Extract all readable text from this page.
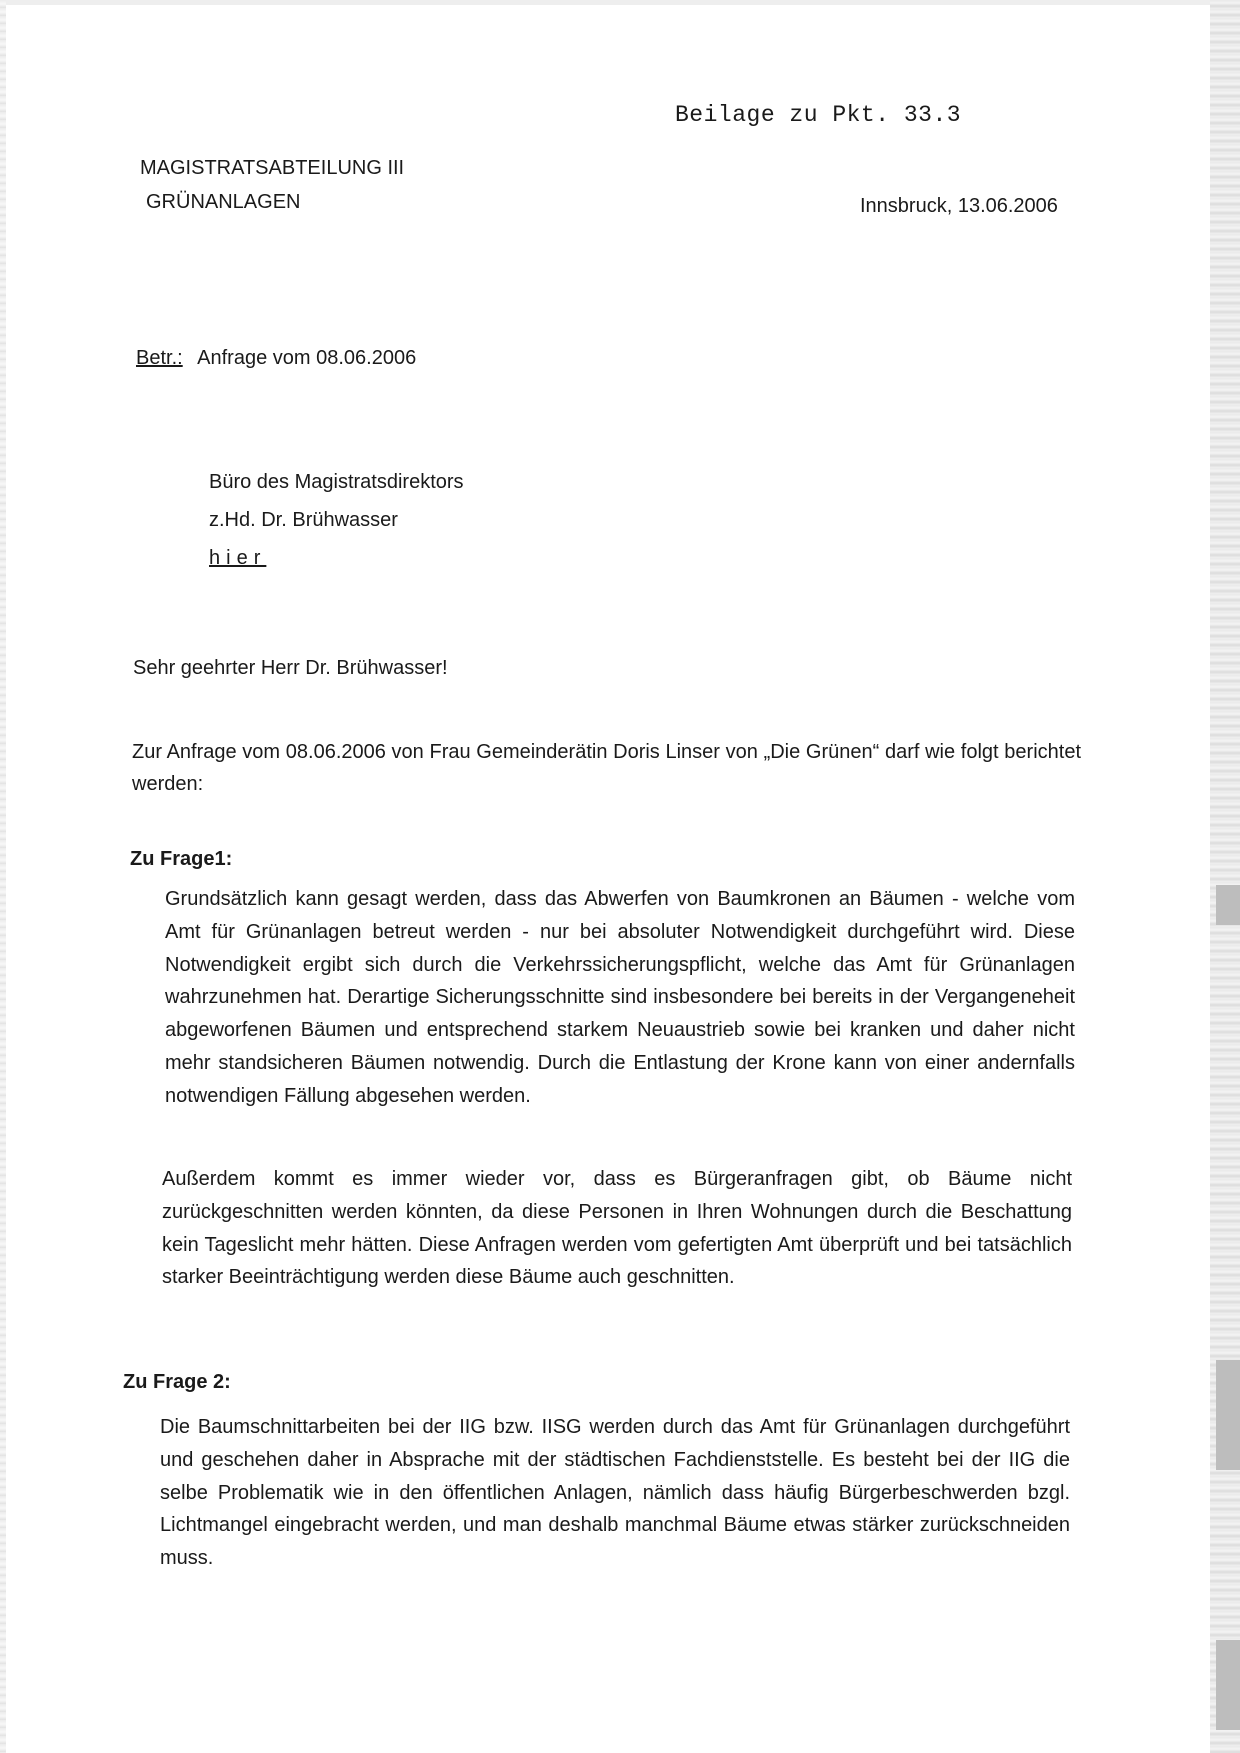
Beilage zu Pkt. 33.3
MAGISTRATSABTEILUNG III
GRÜNANLAGEN	Innsbruck, 13.06.2006
Betr.: Anfrage vom 08.06.2006
Büro des Magistratsdirektors
z.Hd. Dr. Brühwasser
hier
Sehr geehrter Herr Dr. Brühwasser!
Zur Anfrage vom 08.06.2006 von Frau Gemeinderätin Doris Linser von „Die Grünen“ darf wie folgt berichtet werden:
Zu Frage1:
Grundsätzlich kann gesagt werden, dass das Abwerfen von Baumkronen an Bäumen - welche vom Amt für Grünanlagen betreut werden - nur bei absoluter Notwendigkeit durchgeführt wird. Diese Notwendigkeit ergibt sich durch die Verkehrssicherungspflicht, welche das Amt für Grünanlagen wahrzunehmen hat. Derartige Sicherungsschnitte sind insbesondere bei bereits in der Vergangeneheit abgeworfenen Bäumen und entsprechend starkem Neuaustrieb sowie bei kranken und daher nicht mehr standsicheren Bäumen notwendig. Durch die Entlastung der Krone kann von einer andernfalls notwendigen Fällung abgesehen werden.
Außerdem kommt es immer wieder vor, dass es Bürgeranfragen gibt, ob Bäume nicht zurückgeschnitten werden könnten, da diese Personen in Ihren Wohnungen durch die Beschattung kein Tageslicht mehr hätten. Diese Anfragen werden vom gefertigten Amt überprüft und bei tatsächlich starker Beeinträchtigung werden diese Bäume auch geschnitten.
Zu Frage 2:
Die Baumschnittarbeiten bei der IIG bzw. IISG werden durch das Amt für Grünanlagen durchgeführt und geschehen daher in Absprache mit der städtischen Fachdienststelle. Es besteht bei der IIG die selbe Problematik wie in den öffentlichen Anlagen, nämlich dass häufig Bürgerbeschwerden bzgl. Lichtmangel eingebracht werden, und man deshalb manchmal Bäume etwas stärker zurückschneiden muss.
